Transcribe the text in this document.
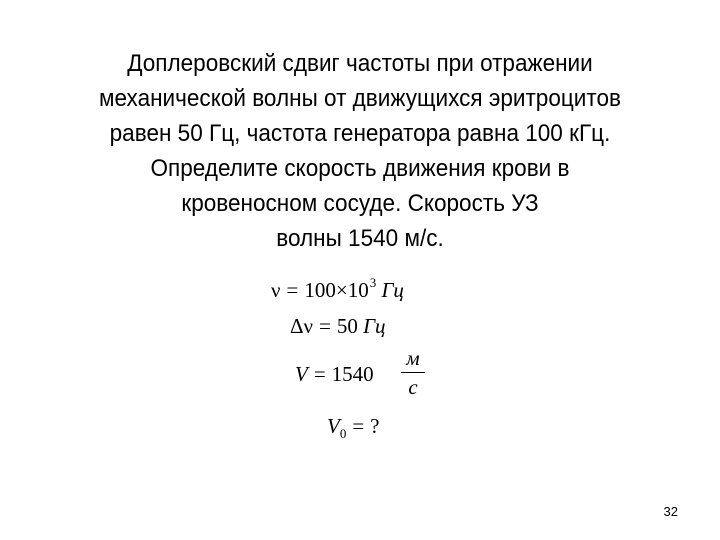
Доплеровский сдвиг частоты при отражении
механической волны от движущихся эритроцитов
равен 50 Гц, частота генератора равна 100 кГц.
Определите скорость движения крови в
кровеносном сосуде. Скорость УЗ
волны 1540 м/с.
$\nu = 100\times 10^3$ Гц
Δν = 50 Гц
V = 1540
м
с
$V_0$ = ?
32
